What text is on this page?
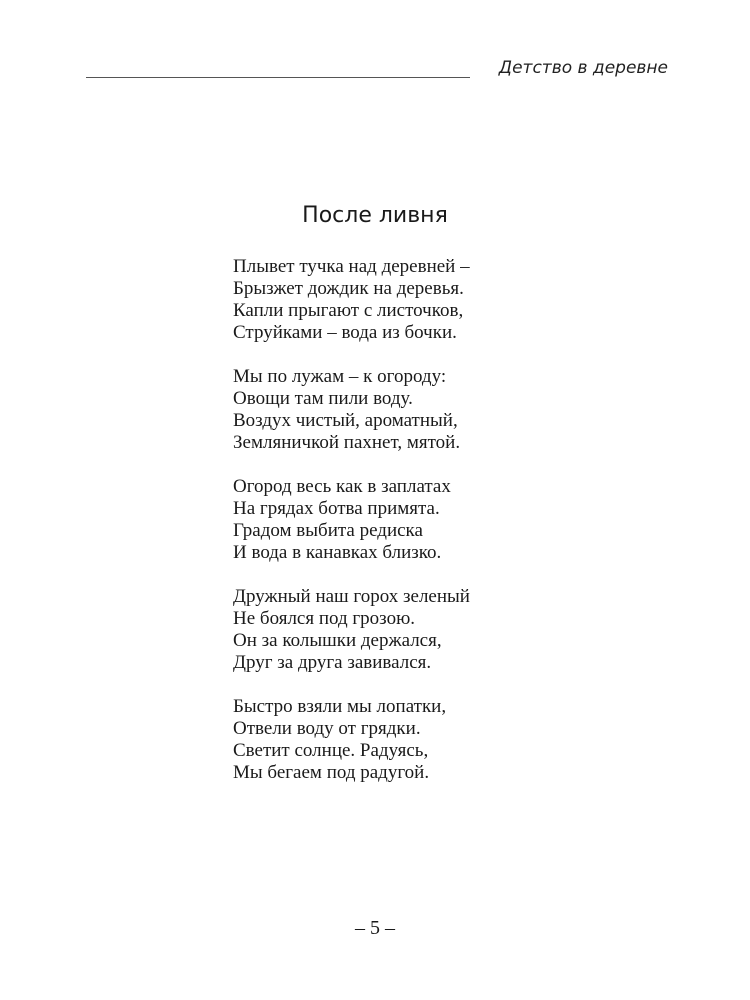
Детство в деревне
После ливня
Плывет тучка над деревней –
Брызжет дождик на деревья.
Капли прыгают с листочков,
Струйками – вода из бочки.
Мы по лужам – к огороду:
Овощи там пили воду.
Воздух чистый, ароматный,
Земляничкой пахнет, мятой.
Огород весь как в заплатах
На грядах ботва примята.
Градом выбита редиска
И вода в канавках близко.
Дружный наш горох зеленый
Не боялся под грозою.
Он за колышки держался,
Друг за друга завивался.
Быстро взяли мы лопатки,
Отвели воду от грядки.
Светит солнце. Радуясь,
Мы бегаем под радугой.
– 5 –
